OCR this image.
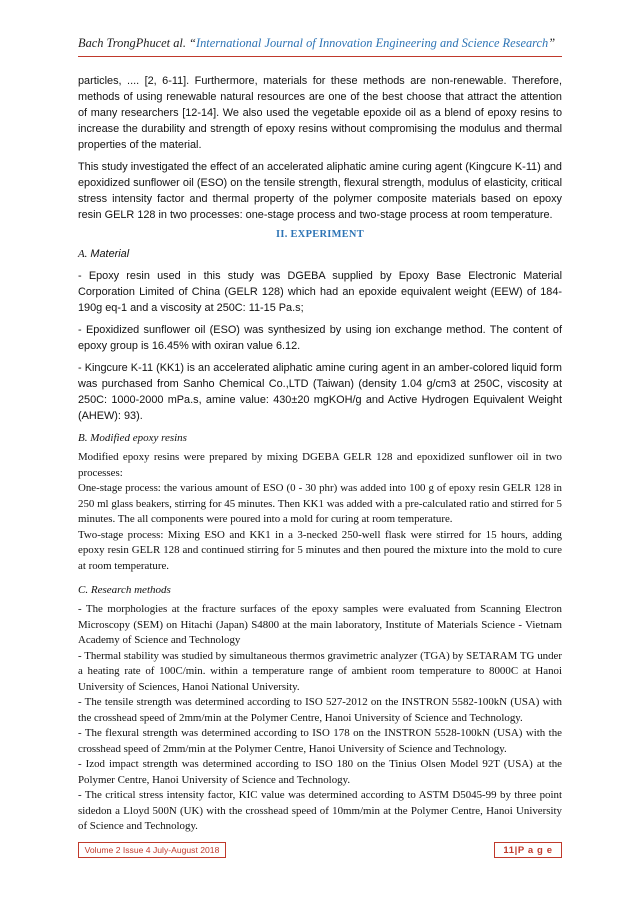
Bach TrongPhucet al. “International Journal of Innovation Engineering and Science Research”

particles, .... [2, 6-11]. Furthermore, materials for these methods are non-renewable. Therefore, methods of using renewable natural resources are one of the best choose that attract the attention of many researchers [12-14]. We also used the vegetable epoxide oil as a blend of epoxy resins to increase the durability and strength of epoxy resins without compromising the modulus and thermal properties of the material.

This study investigated the effect of an accelerated aliphatic amine curing agent (Kingcure K-11) and epoxidized sunflower oil (ESO) on the tensile strength, flexural strength, modulus of elasticity, critical stress intensity factor and thermal property of the polymer composite materials based on epoxy resin GELR 128 in two processes: one-stage process and two-stage process at room temperature.

II. EXPERIMENT
A. Material

- Epoxy resin used in this study was DGEBA supplied by Epoxy Base Electronic Material Corporation Limited of China (GELR 128) which had an epoxide equivalent weight (EEW) of 184-190g eq-1 and a viscosity at 250C: 11-15 Pa.s;

- Epoxidized sunflower oil (ESO) was synthesized by using ion exchange method. The content of epoxy group is 16.45% with oxiran value 6.12.

- Kingcure K-11 (KK1) is an accelerated aliphatic amine curing agent in an amber-colored liquid form was purchased from Sanho Chemical Co.,LTD (Taiwan) (density 1.04 g/cm3 at 250C, viscosity at 250C: 1000-2000 mPa.s, amine value: 430±20 mgKOH/g and Active Hydrogen Equivalent Weight (AHEW): 93).

B. Modified epoxy resins

Modified epoxy resins were prepared by mixing DGEBA GELR 128 and epoxidized sunflower oil in two processes:

One-stage process: the various amount of ESO (0 - 30 phr) was added into 100 g of epoxy resin GELR 128 in 250 ml glass beakers, stirring for 45 minutes. Then KK1 was added with a pre-calculated ratio and stirred for 5 minutes. The all components were poured into a mold for curing at room temperature.

Two-stage process: Mixing ESO and KK1 in a 3-necked 250-well flask were stirred for 15 hours, adding epoxy resin GELR 128 and continued stirring for 5 minutes and then poured the mixture into the mold to cure at room temperature.

C. Research methods

- The morphologies at the fracture surfaces of the epoxy samples were evaluated from Scanning Electron Microscopy (SEM) on Hitachi (Japan) S4800 at the main laboratory, Institute of Materials Science - Vietnam Academy of Science and Technology

- Thermal stability was studied by simultaneous thermos gravimetric analyzer (TGA) by SETARAM TG under a heating rate of 100C/min. within a temperature range of ambient room temperature to 8000C at Hanoi University of Sciences, Hanoi National University.

- The tensile strength was determined according to ISO 527-2012 on the INSTRON 5582-100kN (USA) with the crosshead speed of 2mm/min at the Polymer Centre, Hanoi University of Science and Technology.

- The flexural strength was determined according to ISO 178 on the INSTRON 5528-100kN (USA) with the crosshead speed of 2mm/min at the Polymer Centre, Hanoi University of Science and Technology.

- Izod impact strength was determined according to ISO 180 on the Tinius Olsen Model 92T (USA) at the Polymer Centre, Hanoi University of Science and Technology.

- The critical stress intensity factor, KIC value was determined according to ASTM D5045-99 by three point sidedon a Lloyd 500N (UK) with the crosshead speed of 10mm/min at the Polymer Centre, Hanoi University of Science and Technology.

Volume 2 Issue 4 July-August 2018	11|P a g e
